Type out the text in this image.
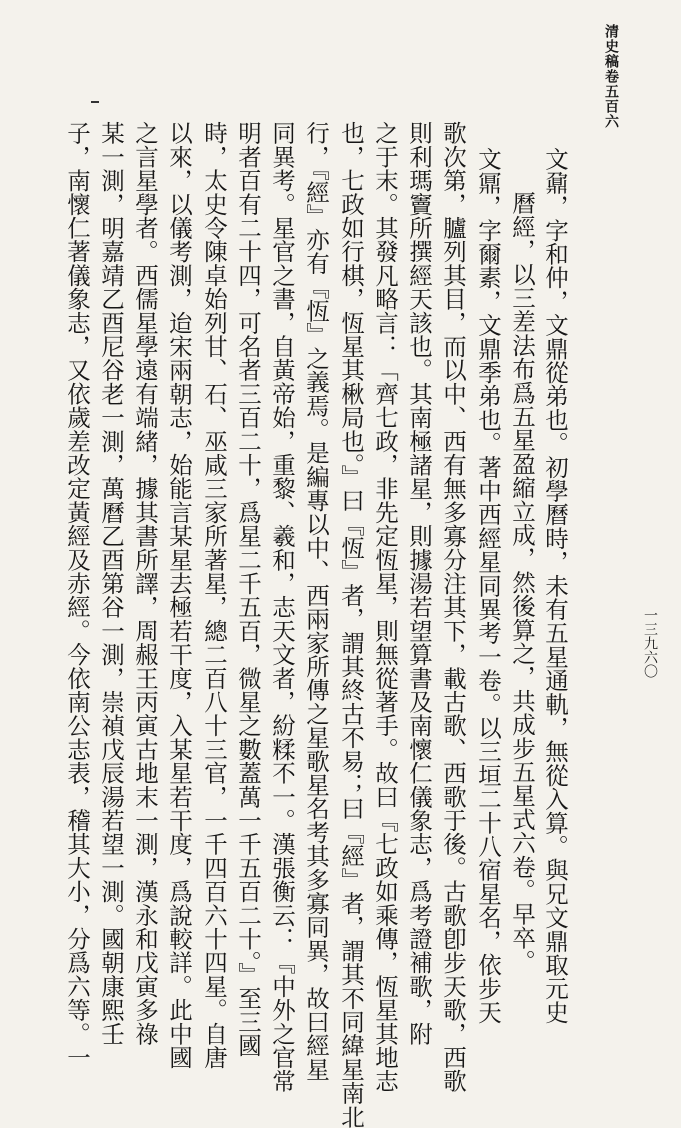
清史稿卷五百六
一三九六〇
文鼐，字和仲，文鼎從弟也。初學曆時，未有五星通軌，無從入算。與兄文鼎取元史
曆經，以三差法布爲五星盈縮立成，然後算之，共成步五星式六卷。早卒。
文鼏，字爾素，文鼎季弟也。著中西經星同異考一卷。以三垣二十八宿星名，依步天
歌次第，臚列其目，而以中、西有無多寡分注其下，載古歌、西歌于後。古歌卽步天歌，西歌
則利瑪竇所撰經天該也。其南極諸星，則據湯若望算書及南懷仁儀象志，爲考證補歌，附
之于末。其發凡略言：「齊七政，非先定恆星，則無從著手。故曰『七政如乘傳，恆星其地志
也，七政如行棋，恆星其楸局也。』曰『恆』者，謂其終古不易；曰『經』者，謂其不同緯星南北
行，『經』亦有『恆』之義焉。是編專以中、西兩家所傳之星歌星名考其多寡同異，故曰經星
同異考。星官之書，自黃帝始，重黎、羲和，志天文者，紛糅不一。漢張衡云：『中外之官常
明者百有二十四，可名者三百二十，爲星二千五百，微星之數蓋萬一千五百二十。』至三國
時，太史令陳卓始列甘、石、巫咸三家所著星，總二百八十三官，一千四百六十四星。自唐
以來，以儀考測，迨宋兩朝志，始能言某星去極若干度，入某星若干度，爲說較詳。此中國
之言星學者。西儒星學遠有端緒，據其書所譯，周赧王丙寅古地末一測，漢永和戊寅多祿
某一測，明嘉靖乙酉尼谷老一測，萬曆乙酉第谷一測，崇禎戊辰湯若望一測。國朝康熙壬
子，南懷仁著儀象志，又依歲差改定黃經及赤經。今依南公志表，稽其大小，分爲六等。一
